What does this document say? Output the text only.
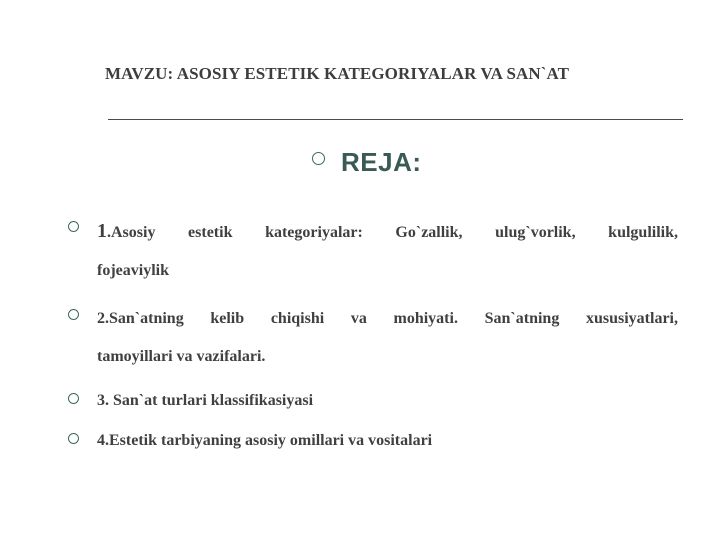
MAVZU: ASOSIY ESTETIK KATEGORIYALAR VA SAN`AT
REJA:
1.Asosiy estetik kategoriyalar: Go`zallik, ulug`vorlik, kulgulilik,
fojeaviylik
2.San`atning kelib chiqishi va mohiyati. San`atning xususiyatlari,
tamoyillari va vazifalari.
3. San`at turlari klassifikasiyasi
4.Estetik tarbiyaning asosiy omillari va vositalari
